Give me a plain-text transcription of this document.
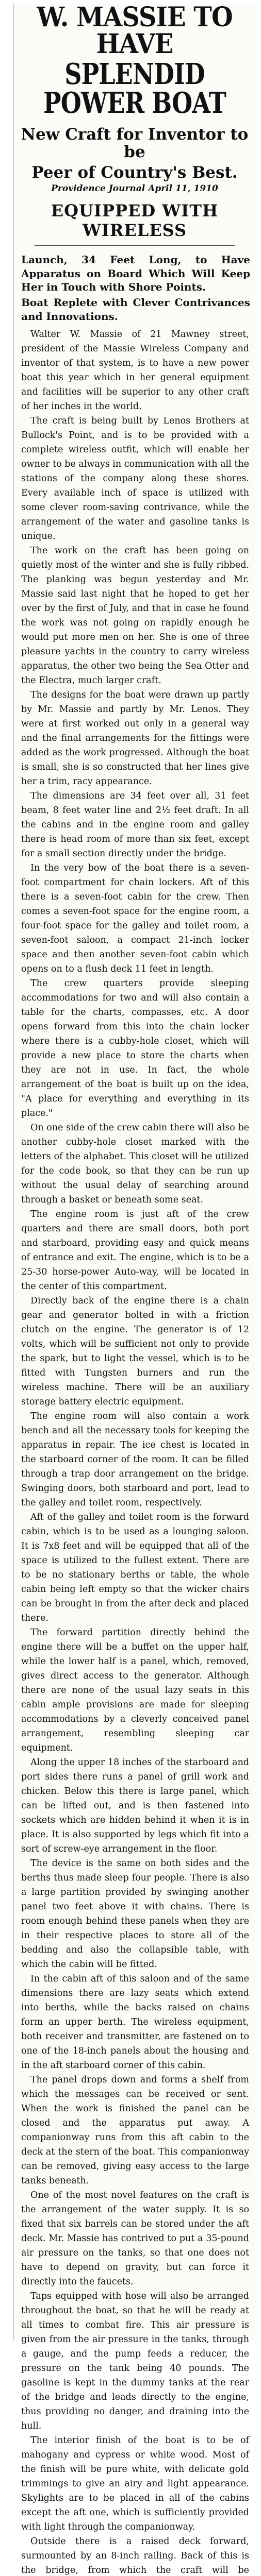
W. MASSIE TO HAVE
SPLENDID POWER BOAT
New Craft for Inventor to be
Peer of Country's Best.
Providence Journal April 11, 1910
EQUIPPED WITH WIRELESS
Launch, 34 Feet Long, to Have Apparatus on Board Which Will Keep Her in Touch with Shore Points.
Boat Replete with Clever Contrivances and Innovations.

Walter W. Massie of 21 Mawney street, president of the Massie Wireless Company and inventor of that system, is to have a new power boat this year which in her general equipment and facilities will be superior to any other craft of her inches in the world.

The craft is being built by Lenos Brothers at Bullock's Point, and is to be provided with a complete wireless outfit, which will enable her owner to be always in communication with all the stations of the company along these shores. Every available inch of space is utilized with some clever room-saving contrivance, while the arrangement of the water and gasoline tanks is unique.

The work on the craft has been going on quietly most of the winter and she is fully ribbed. The planking was begun yesterday and Mr. Massie said last night that he hoped to get her over by the first of July, and that in case he found the work was not going on rapidly enough he would put more men on her. She is one of three pleasure yachts in the country to carry wireless apparatus, the other two being the Sea Otter and the Electra, much larger craft.

The designs for the boat were drawn up partly by Mr. Massie and partly by Mr. Lenos. They were at first worked out only in a general way and the final arrangements for the fittings were added as the work progressed. Although the boat is small, she is so constructed that her lines give her a trim, racy appearance.

The dimensions are 34 feet over all, 31 feet beam, 8 feet water line and 2½ feet draft. In all the cabins and in the engine room and galley there is head room of more than six feet, except for a small section directly under the bridge.

In the very bow of the boat there is a seven-foot compartment for chain lockers. Aft of this there is a seven-foot cabin for the crew. Then comes a seven-foot space for the engine room, a four-foot space for the galley and toilet room, a seven-foot saloon, a compact 21-inch locker space and then another seven-foot cabin which opens on to a flush deck 11 feet in length.

The crew quarters provide sleeping accommodations for two and will also contain a table for the charts, compasses, etc. A door opens forward from this into the chain locker where there is a cubby-hole closet, which will provide a new place to store the charts when they are not in use. In fact, the whole arrangement of the boat is built up on the idea, "A place for everything and everything in its place."

On one side of the crew cabin there will also be another cubby-hole closet marked with the letters of the alphabet. This closet will be utilized for the code book, so that they can be run up without the usual delay of searching around through a basket or beneath some seat.

The engine room is just aft of the crew quarters and there are small doors, both port and starboard, providing easy and quick means of entrance and exit. The engine, which is to be a 25-30 horse-power Auto-way, will be located in the center of this compartment.

Directly back of the engine there is a chain gear and generator bolted in with a friction clutch on the engine. The generator is of 12 volts, which will be sufficient not only to provide the spark, but to light the vessel, which is to be fitted with Tungsten burners and run the wireless machine. There will be an auxiliary storage battery electric equipment.

The engine room will also contain a work bench and all the necessary tools for keeping the apparatus in repair. The ice chest is located in the starboard corner of the room. It can be filled through a trap door arrangement on the bridge. Swinging doors, both starboard and port, lead to the galley and toilet room, respectively.

Aft of the galley and toilet room is the forward cabin, which is to be used as a lounging saloon. It is 7x8 feet and will be equipped that all of the space is utilized to the fullest extent. There are to be no stationary berths or table, the whole cabin being left empty so that the wicker chairs can be brought in from the after deck and placed there.

The forward partition directly behind the engine there will be a buffet on the upper half, while the lower half is a panel, which, removed, gives direct access to the generator. Although there are none of the usual lazy seats in this cabin ample provisions are made for sleeping accommodations by a cleverly conceived panel arrangement, resembling sleeping car equipment.

Along the upper 18 inches of the starboard and port sides there runs a panel of grill work and chicken. Below this there is large panel, which can be lifted out, and is then fastened into sockets which are hidden behind it when it is in place. It is also supported by legs which fit into a sort of screw-eye arrangement in the floor.

The device is the same on both sides and the berths thus made sleep four people. There is also a large partition provided by swinging another panel two feet above it with chains. There is room enough behind these panels when they are in their respective places to store all of the bedding and also the collapsible table, with which the cabin will be fitted.

In the cabin aft of this saloon and of the same dimensions there are lazy seats which extend into berths, while the backs raised on chains form an upper berth. The wireless equipment, both receiver and transmitter, are fastened on to one of the 18-inch panels about the housing and in the aft starboard corner of this cabin.

The panel drops down and forms a shelf from which the messages can be received or sent. When the work is finished the panel can be closed and the apparatus put away. A companionway runs from this aft cabin to the deck at the stern of the boat. This companionway can be removed, giving easy access to the large tanks beneath.

One of the most novel features on the craft is the arrangement of the water supply. It is so fixed that six barrels can be stored under the aft deck. Mr. Massie has contrived to put a 35-pound air pressure on the tanks, so that one does not have to depend on gravity, but can force it directly into the faucets.

Taps equipped with hose will also be arranged throughout the boat, so that he will be ready at all times to combat fire. This air pressure is given from the air pressure in the tanks, through a gauge, and the pump feeds a reducer, the pressure on the tank being 40 pounds. The gasoline is kept in the dummy tanks at the rear of the bridge and leads directly to the engine, thus providing no danger, and draining into the hull.

The interior finish of the boat is to be of mahogany and cypress or white wood. Most of the finish will be pure white, with delicate gold trimmings to give an airy and light appearance. Skylights are to be placed in all of the cabins except the aft one, which is sufficiently provided with light through the companionway.

Outside there is a raised deck forward, surmounted by an 8-inch railing. Back of this is the bridge, from which the craft will be
